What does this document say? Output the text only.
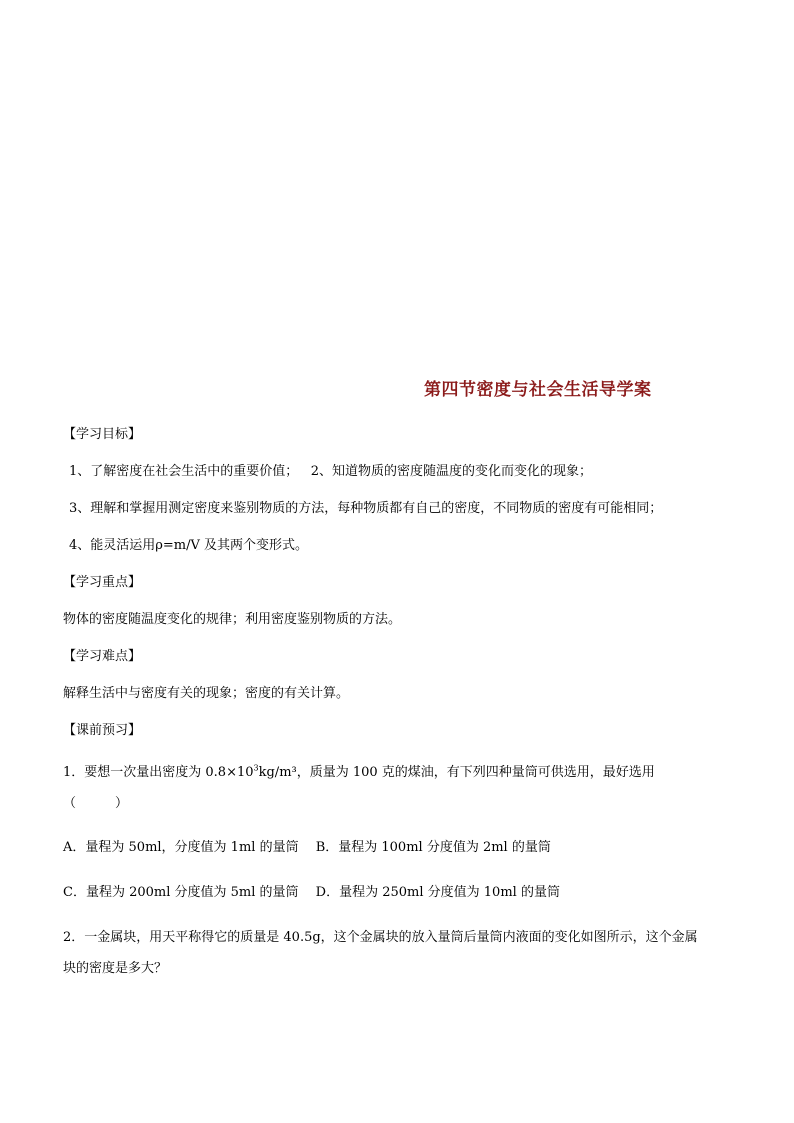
第四节密度与社会生活导学案
【学习目标】
1、了解密度在社会生活中的重要价值； 2、知道物质的密度随温度的变化而变化的现象；
3、理解和掌握用测定密度来鉴别物质的方法，每种物质都有自己的密度，不同物质的密度有可能相同；
4、能灵活运用ρ=m/V 及其两个变形式。
【学习重点】
物体的密度随温度变化的规律；利用密度鉴别物质的方法。
【学习难点】
解释生活中与密度有关的现象；密度的有关计算。
【课前预习】
1．要想一次量出密度为 $0.8\times 10^3kg/m^3$，质量为 100 克的煤油，有下列四种量筒可供选用，最好选用
（　　　）
A．量程为 50ml，分度值为 1ml 的量筒　 B．量程为 100ml 分度值为 2ml 的量筒
C．量程为 200ml 分度值为 5ml 的量筒　 D．量程为 250ml 分度值为 10ml 的量筒
2．一金属块，用天平称得它的质量是 40.5g，这个金属块的放入量筒后量筒内液面的变化如图所示，这个金属
块的密度是多大？
